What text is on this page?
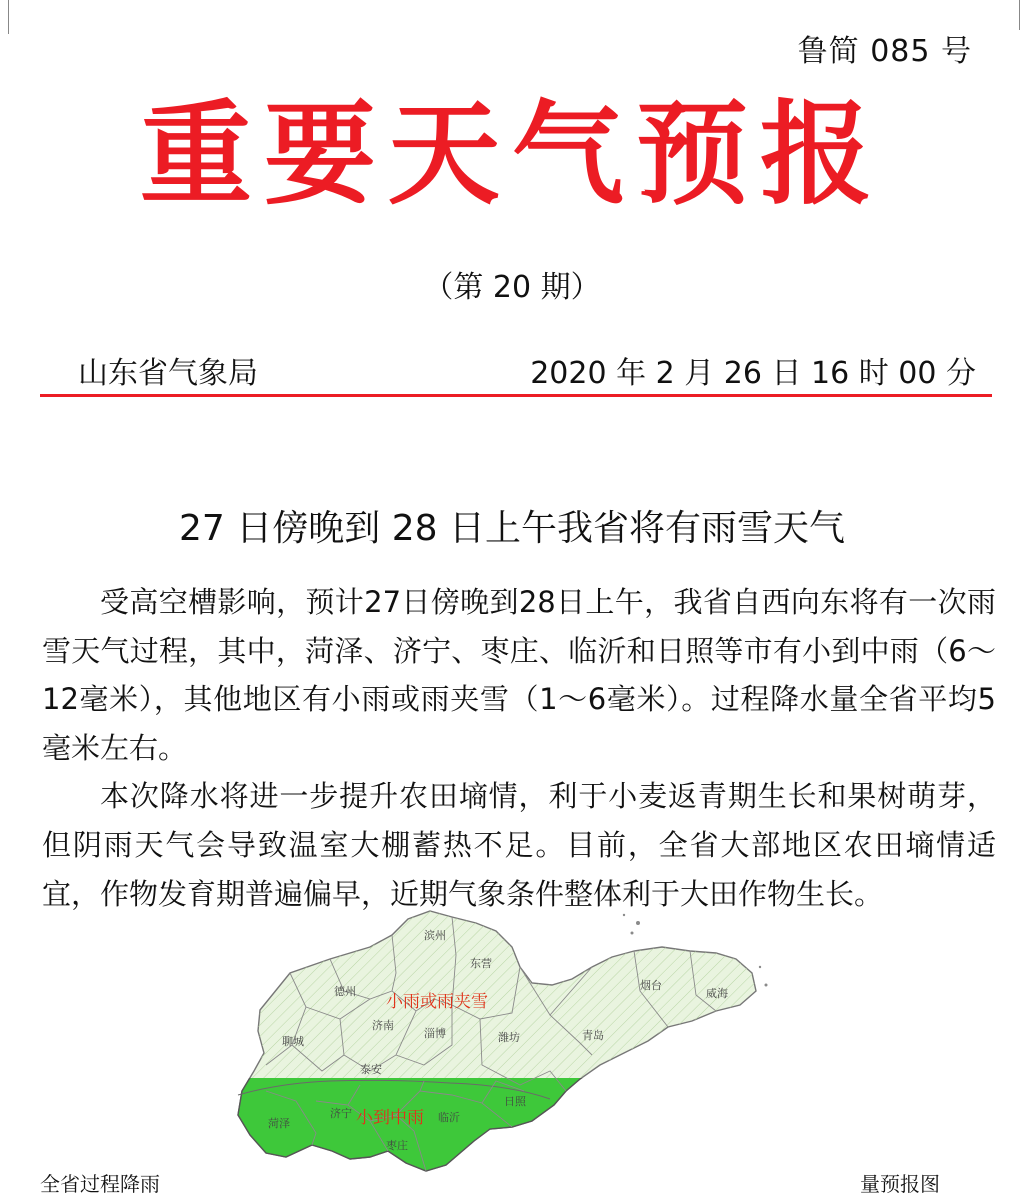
鲁简 085 号
重要天气预报
（第 20 期）
山东省气象局	2020 年 2 月 26 日 16 时 00 分
27 日傍晚到 28 日上午我省将有雨雪天气

受高空槽影响，预计27日傍晚到28日上午，我省自西向东将有一次雨雪天气过程，其中，菏泽、济宁、枣庄、临沂和日照等市有小到中雨（6～12毫米），其他地区有小雨或雨夹雪（1～6毫米）。过程降水量全省平均5毫米左右。

本次降水将进一步提升农田墒情，利于小麦返青期生长和果树萌芽，但阴雨天气会导致温室大棚蓄热不足。目前，全省大部地区农田墒情适宜，作物发育期普遍偏早，近期气象条件整体利于大田作物生长。

滨州
东营
德州	烟台
威海
聊城
济南
淄博	潍坊	青岛
泰安
日照
菏泽
济宁	临沂
枣庄
小雨或雨夹雪
小到中雨
全省过程降雨	量预报图
